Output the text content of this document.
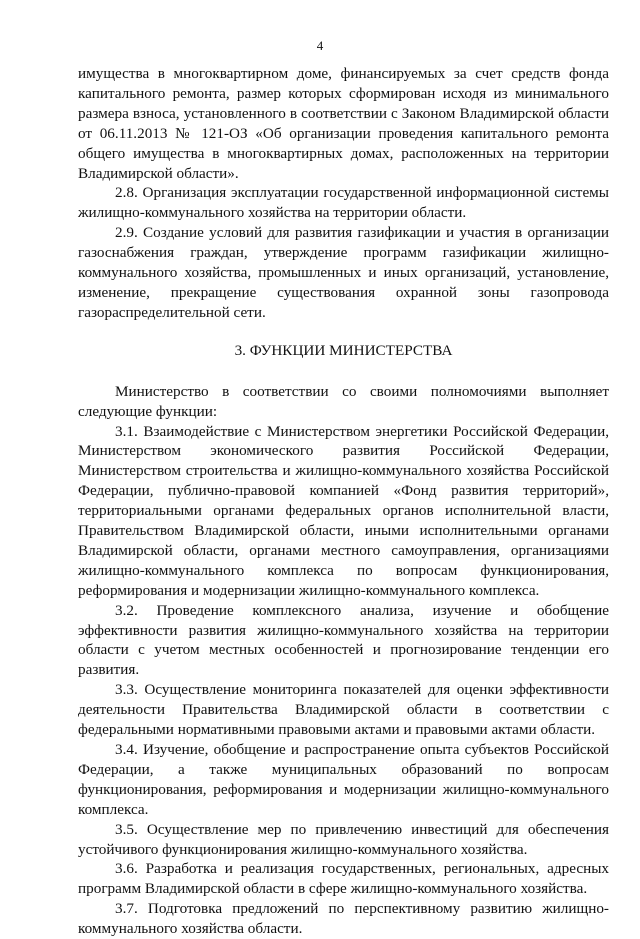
4

имущества в многоквартирном доме, финансируемых за счет средств фонда капитального ремонта, размер которых сформирован исходя из минимального размера взноса, установленного в соответствии с Законом Владимирской области от 06.11.2013 № 121-ОЗ «Об организации проведения капитального ремонта общего имущества в многоквартирных домах, расположенных на территории Владимирской области».

2.8. Организация эксплуатации государственной информационной системы жилищно-коммунального хозяйства на территории области.

2.9. Создание условий для развития газификации и участия в организации газоснабжения граждан, утверждение программ газификации жилищно-коммунального хозяйства, промышленных и иных организаций, установление, изменение, прекращение существования охранной зоны газопровода газораспределительной сети.

3. ФУНКЦИИ МИНИСТЕРСТВА

Министерство в соответствии со своими полномочиями выполняет следующие функции:

3.1. Взаимодействие с Министерством энергетики Российской Федерации, Министерством экономического развития Российской Федерации, Министерством строительства и жилищно-коммунального хозяйства Российской Федерации, публично-правовой компанией «Фонд развития территорий», территориальными органами федеральных органов исполнительной власти, Правительством Владимирской области, иными исполнительными органами Владимирской области, органами местного самоуправления, организациями жилищно-коммунального комплекса по вопросам функционирования, реформирования и модернизации жилищно-коммунального комплекса.

3.2. Проведение комплексного анализа, изучение и обобщение эффективности развития жилищно-коммунального хозяйства на территории области с учетом местных особенностей и прогнозирование тенденции его развития.

3.3. Осуществление мониторинга показателей для оценки эффективности деятельности Правительства Владимирской области в соответствии с федеральными нормативными правовыми актами и правовыми актами области.

3.4. Изучение, обобщение и распространение опыта субъектов Российской Федерации, а также муниципальных образований по вопросам функционирования, реформирования и модернизации жилищно-коммунального комплекса.

3.5. Осуществление мер по привлечению инвестиций для обеспечения устойчивого функционирования жилищно-коммунального хозяйства.

3.6. Разработка и реализация государственных, региональных, адресных программ Владимирской области в сфере жилищно-коммунального хозяйства.

3.7. Подготовка предложений по перспективному развитию жилищно-коммунального хозяйства области.
